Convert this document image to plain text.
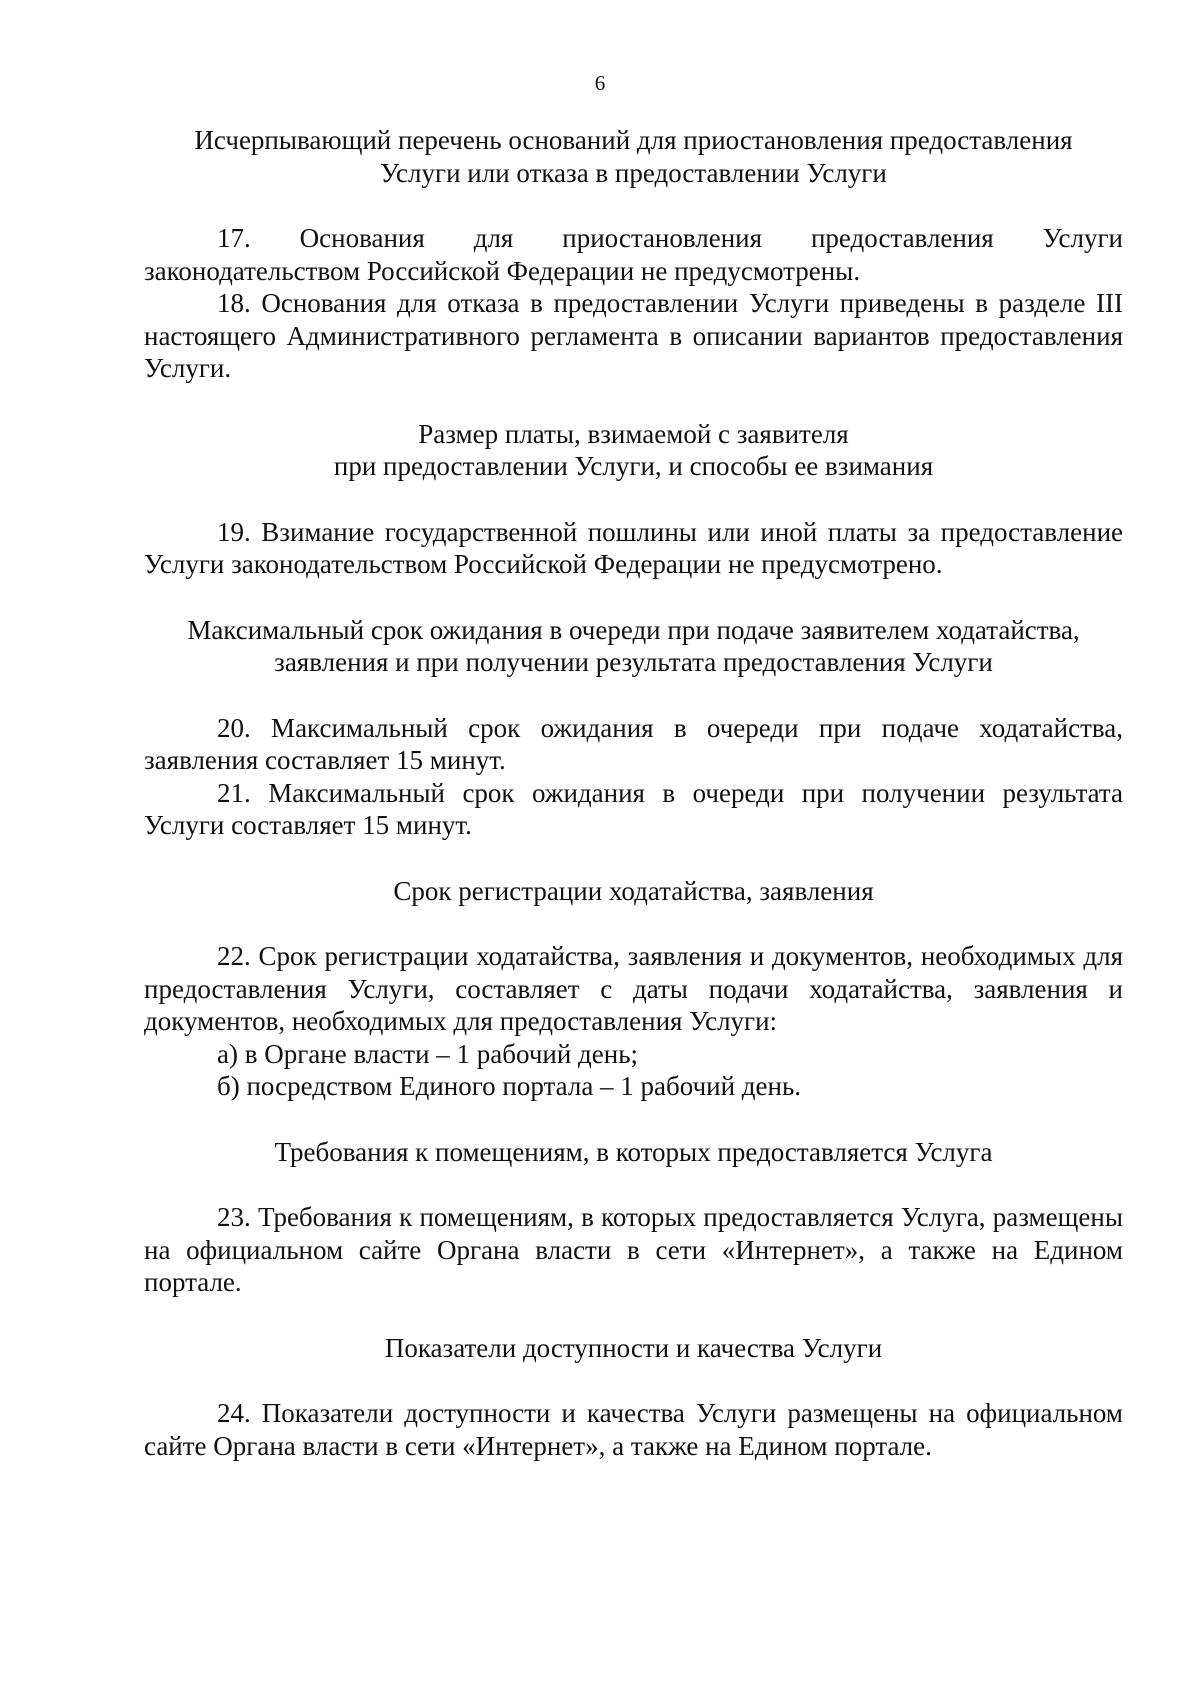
6

Исчерпывающий перечень оснований для приостановления предоставления
Услуги или отказа в предоставлении Услуги

17. Основания для приостановления предоставления Услуги законодательством Российской Федерации не предусмотрены.

18. Основания для отказа в предоставлении Услуги приведены в разделе III настоящего Административного регламента в описании вариантов предоставления Услуги.

Размер платы, взимаемой с заявителя
при предоставлении Услуги, и способы ее взимания

19. Взимание государственной пошлины или иной платы за предоставление Услуги законодательством Российской Федерации не предусмотрено.

Максимальный срок ожидания в очереди при подаче заявителем ходатайства,
заявления и при получении результата предоставления Услуги

20. Максимальный срок ожидания в очереди при подаче ходатайства, заявления составляет 15 минут.

21. Максимальный срок ожидания в очереди при получении результата Услуги составляет 15 минут.

Срок регистрации ходатайства, заявления

22. Срок регистрации ходатайства, заявления и документов, необходимых для предоставления Услуги, составляет с даты подачи ходатайства, заявления и документов, необходимых для предоставления Услуги:

а) в Органе власти – 1 рабочий день;

б) посредством Единого портала – 1 рабочий день.

Требования к помещениям, в которых предоставляется Услуга

23. Требования к помещениям, в которых предоставляется Услуга, размещены на официальном сайте Органа власти в сети «Интернет», а также на Едином портале.

Показатели доступности и качества Услуги

24. Показатели доступности и качества Услуги размещены на официальном сайте Органа власти в сети «Интернет», а также на Едином портале.
